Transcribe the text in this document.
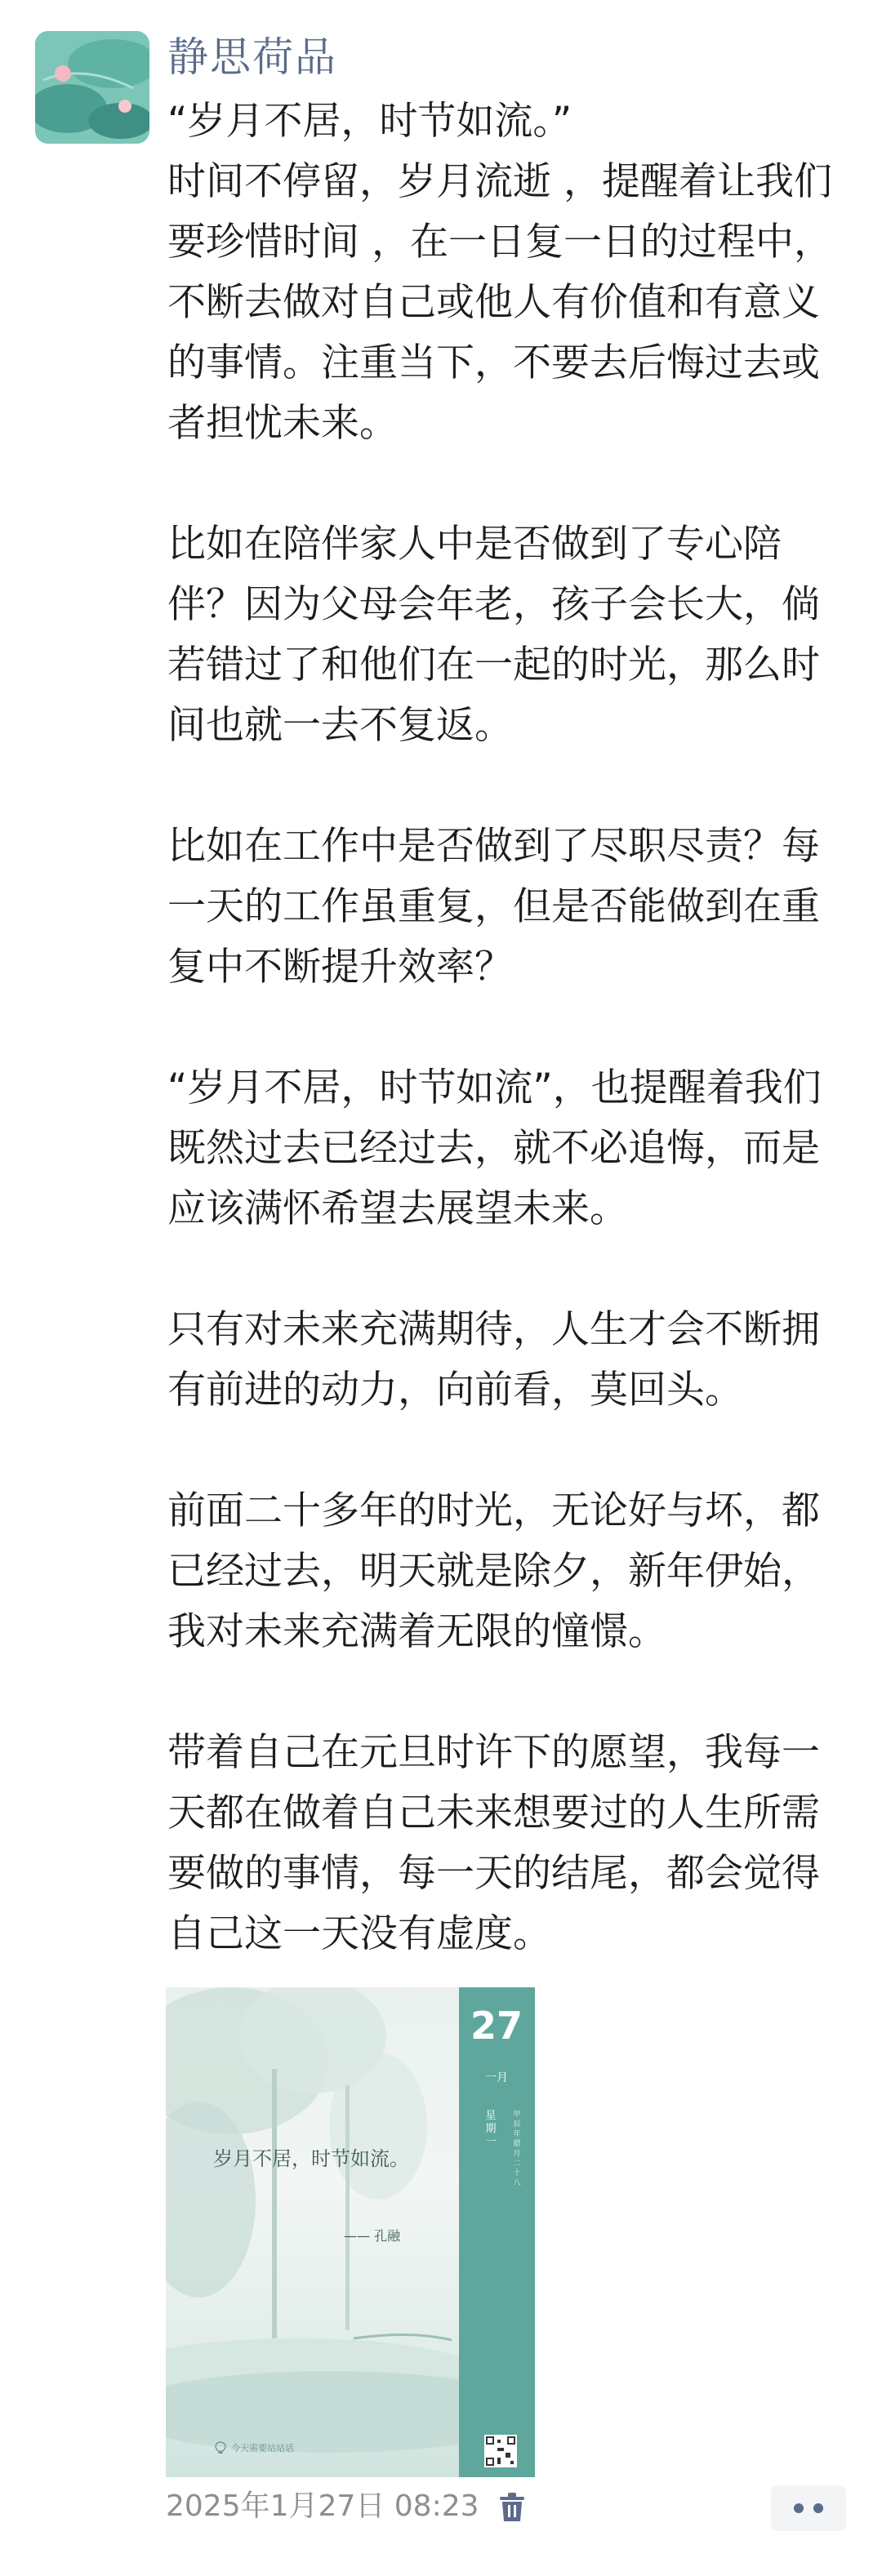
静思荷品

“岁月不居，时节如流。”
时间不停留，岁月流逝 ，提醒着让我们要珍惜时间 ，在一日复一日的过程中，不断去做对自己或他人有价值和有意义的事情。注重当下，不要去后悔过去或者担忧未来。

比如在陪伴家人中是否做到了专心陪伴？因为父母会年老，孩子会长大，倘若错过了和他们在一起的时光，那么时间也就一去不复返。

比如在工作中是否做到了尽职尽责？每一天的工作虽重复，但是否能做到在重复中不断提升效率？

“岁月不居，时节如流”，也提醒着我们既然过去已经过去，就不必追悔，而是应该满怀希望去展望未来。

只有对未来充满期待，人生才会不断拥有前进的动力，向前看，莫回头。

前面二十多年的时光，无论好与坏，都已经过去，明天就是除夕，新年伊始，我对未来充满着无限的憧憬。

带着自己在元旦时许下的愿望，我每一天都在做着自己未来想要过的人生所需要做的事情，每一天的结尾，都会觉得自己这一天没有虚度。

27
一月
星期一
甲辰年腊月二十八
岁月不居，时节如流。
—— 孔融
今天需要站站话
2025年1月27日 08:23
